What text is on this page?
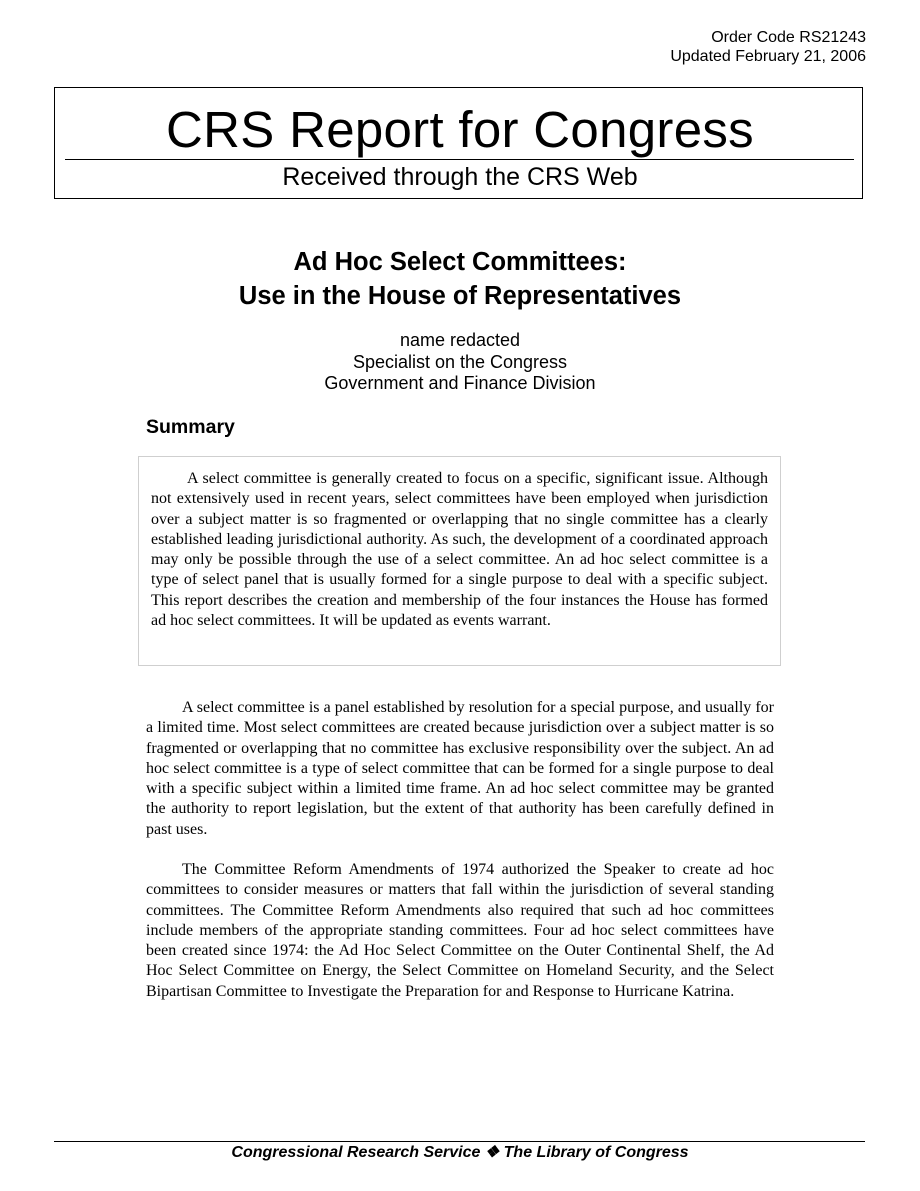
Order Code RS21243
Updated February 21, 2006
CRS Report for Congress
Received through the CRS Web
Ad Hoc Select Committees:
Use in the House of Representatives
name redacted
Specialist on the Congress
Government and Finance Division
Summary

A select committee is generally created to focus on a specific, significant issue. Although not extensively used in recent years, select committees have been employed when jurisdiction over a subject matter is so fragmented or overlapping that no single committee has a clearly established leading jurisdictional authority. As such, the development of a coordinated approach may only be possible through the use of a select committee. An ad hoc select committee is a type of select panel that is usually formed for a single purpose to deal with a specific subject. This report describes the creation and membership of the four instances the House has formed ad hoc select committees. It will be updated as events warrant.

A select committee is a panel established by resolution for a special purpose, and usually for a limited time. Most select committees are created because jurisdiction over a subject matter is so fragmented or overlapping that no committee has exclusive responsibility over the subject. An ad hoc select committee is a type of select committee that can be formed for a single purpose to deal with a specific subject within a limited time frame. An ad hoc select committee may be granted the authority to report legislation, but the extent of that authority has been carefully defined in past uses.

The Committee Reform Amendments of 1974 authorized the Speaker to create ad hoc committees to consider measures or matters that fall within the jurisdiction of several standing committees. The Committee Reform Amendments also required that such ad hoc committees include members of the appropriate standing committees. Four ad hoc select committees have been created since 1974: the Ad Hoc Select Committee on the Outer Continental Shelf, the Ad Hoc Select Committee on Energy, the Select Committee on Homeland Security, and the Select Bipartisan Committee to Investigate the Preparation for and Response to Hurricane Katrina.

Congressional Research Service ❖ The Library of Congress
